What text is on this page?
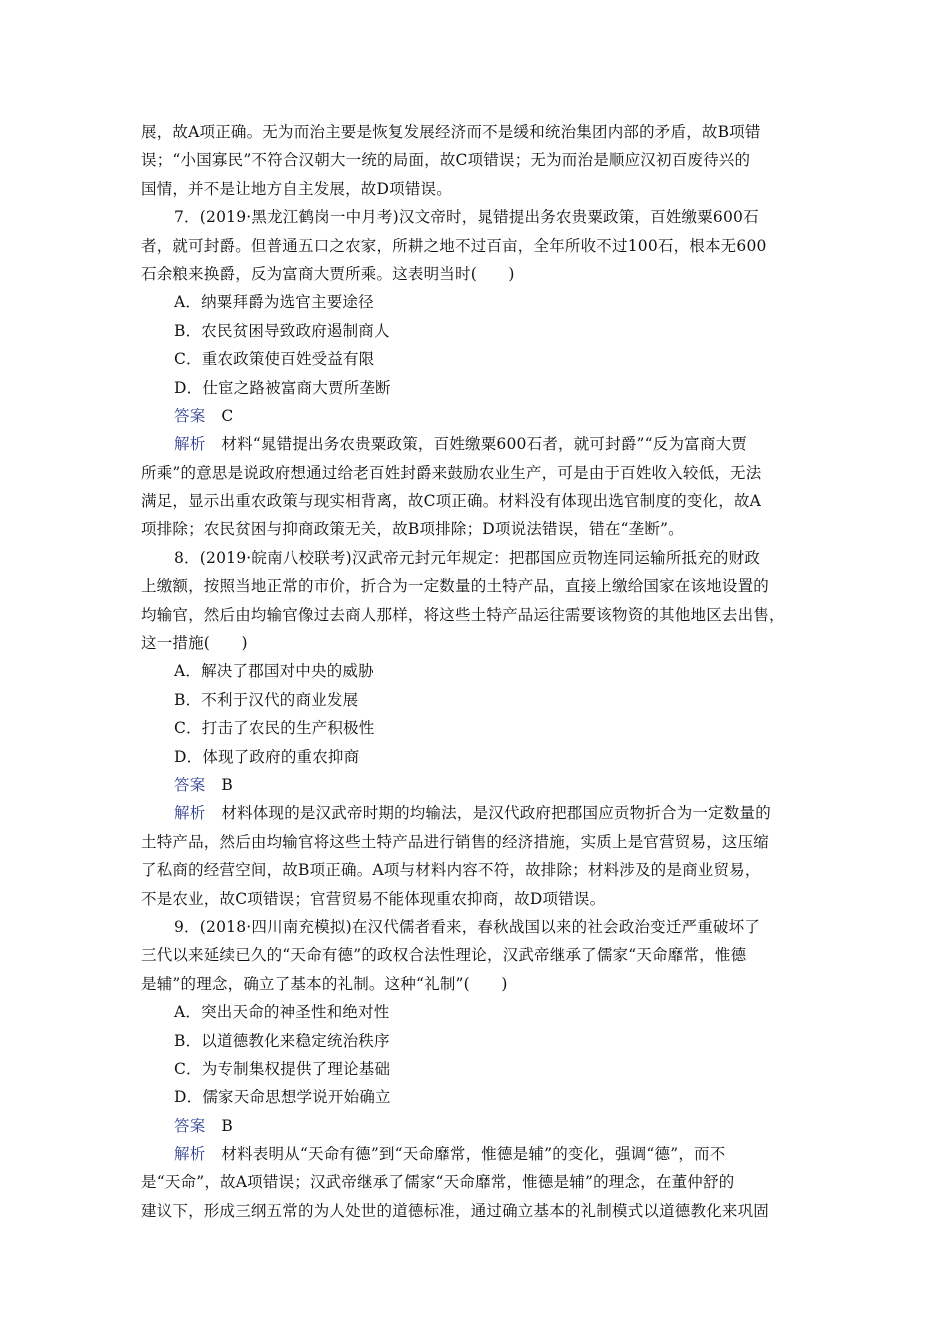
展，故A项正确。无为而治主要是恢复发展经济而不是缓和统治集团内部的矛盾，故B项错
误；“小国寡民”不符合汉朝大一统的局面，故C项错误；无为而治是顺应汉初百废待兴的
国情，并不是让地方自主发展，故D项错误。
7．(2019·黑龙江鹤岗一中月考)汉文帝时，晁错提出务农贵粟政策，百姓缴粟600石
者，就可封爵。但普通五口之农家，所耕之地不过百亩，全年所收不过100石，根本无600
石余粮来换爵，反为富商大贾所乘。这表明当时(　　)
A．纳粟拜爵为选官主要途径
B．农民贫困导致政府遏制商人
C．重农政策使百姓受益有限
D．仕宦之路被富商大贾所垄断
答案 C
解析 材料“晁错提出务农贵粟政策，百姓缴粟600石者，就可封爵”“反为富商大贾
所乘”的意思是说政府想通过给老百姓封爵来鼓励农业生产，可是由于百姓收入较低，无法
满足，显示出重农政策与现实相背离，故C项正确。材料没有体现出选官制度的变化，故A
项排除；农民贫困与抑商政策无关，故B项排除；D项说法错误，错在“垄断”。
8．(2019·皖南八校联考)汉武帝元封元年规定：把郡国应贡物连同运输所抵充的财政
上缴额，按照当地正常的市价，折合为一定数量的土特产品，直接上缴给国家在该地设置的
均输官，然后由均输官像过去商人那样，将这些土特产品运往需要该物资的其他地区去出售，
这一措施(　　)
A．解决了郡国对中央的威胁
B．不利于汉代的商业发展
C．打击了农民的生产积极性
D．体现了政府的重农抑商
答案 B
解析 材料体现的是汉武帝时期的均输法，是汉代政府把郡国应贡物折合为一定数量的
土特产品，然后由均输官将这些土特产品进行销售的经济措施，实质上是官营贸易，这压缩
了私商的经营空间，故B项正确。A项与材料内容不符，故排除；材料涉及的是商业贸易，
不是农业，故C项错误；官营贸易不能体现重农抑商，故D项错误。
9．(2018·四川南充模拟)在汉代儒者看来，春秋战国以来的社会政治变迁严重破坏了
三代以来延续已久的“天命有德”的政权合法性理论，汉武帝继承了儒家“天命靡常，惟德
是辅”的理念，确立了基本的礼制。这种“礼制”(　　)
A．突出天命的神圣性和绝对性
B．以道德教化来稳定统治秩序
C．为专制集权提供了理论基础
D．儒家天命思想学说开始确立
答案 B
解析 材料表明从“天命有德”到“天命靡常，惟德是辅”的变化，强调“德”，而不
是“天命”，故A项错误；汉武帝继承了儒家“天命靡常，惟德是辅”的理念，在董仲舒的
建议下，形成三纲五常的为人处世的道德标准，通过确立基本的礼制模式以道德教化来巩固
